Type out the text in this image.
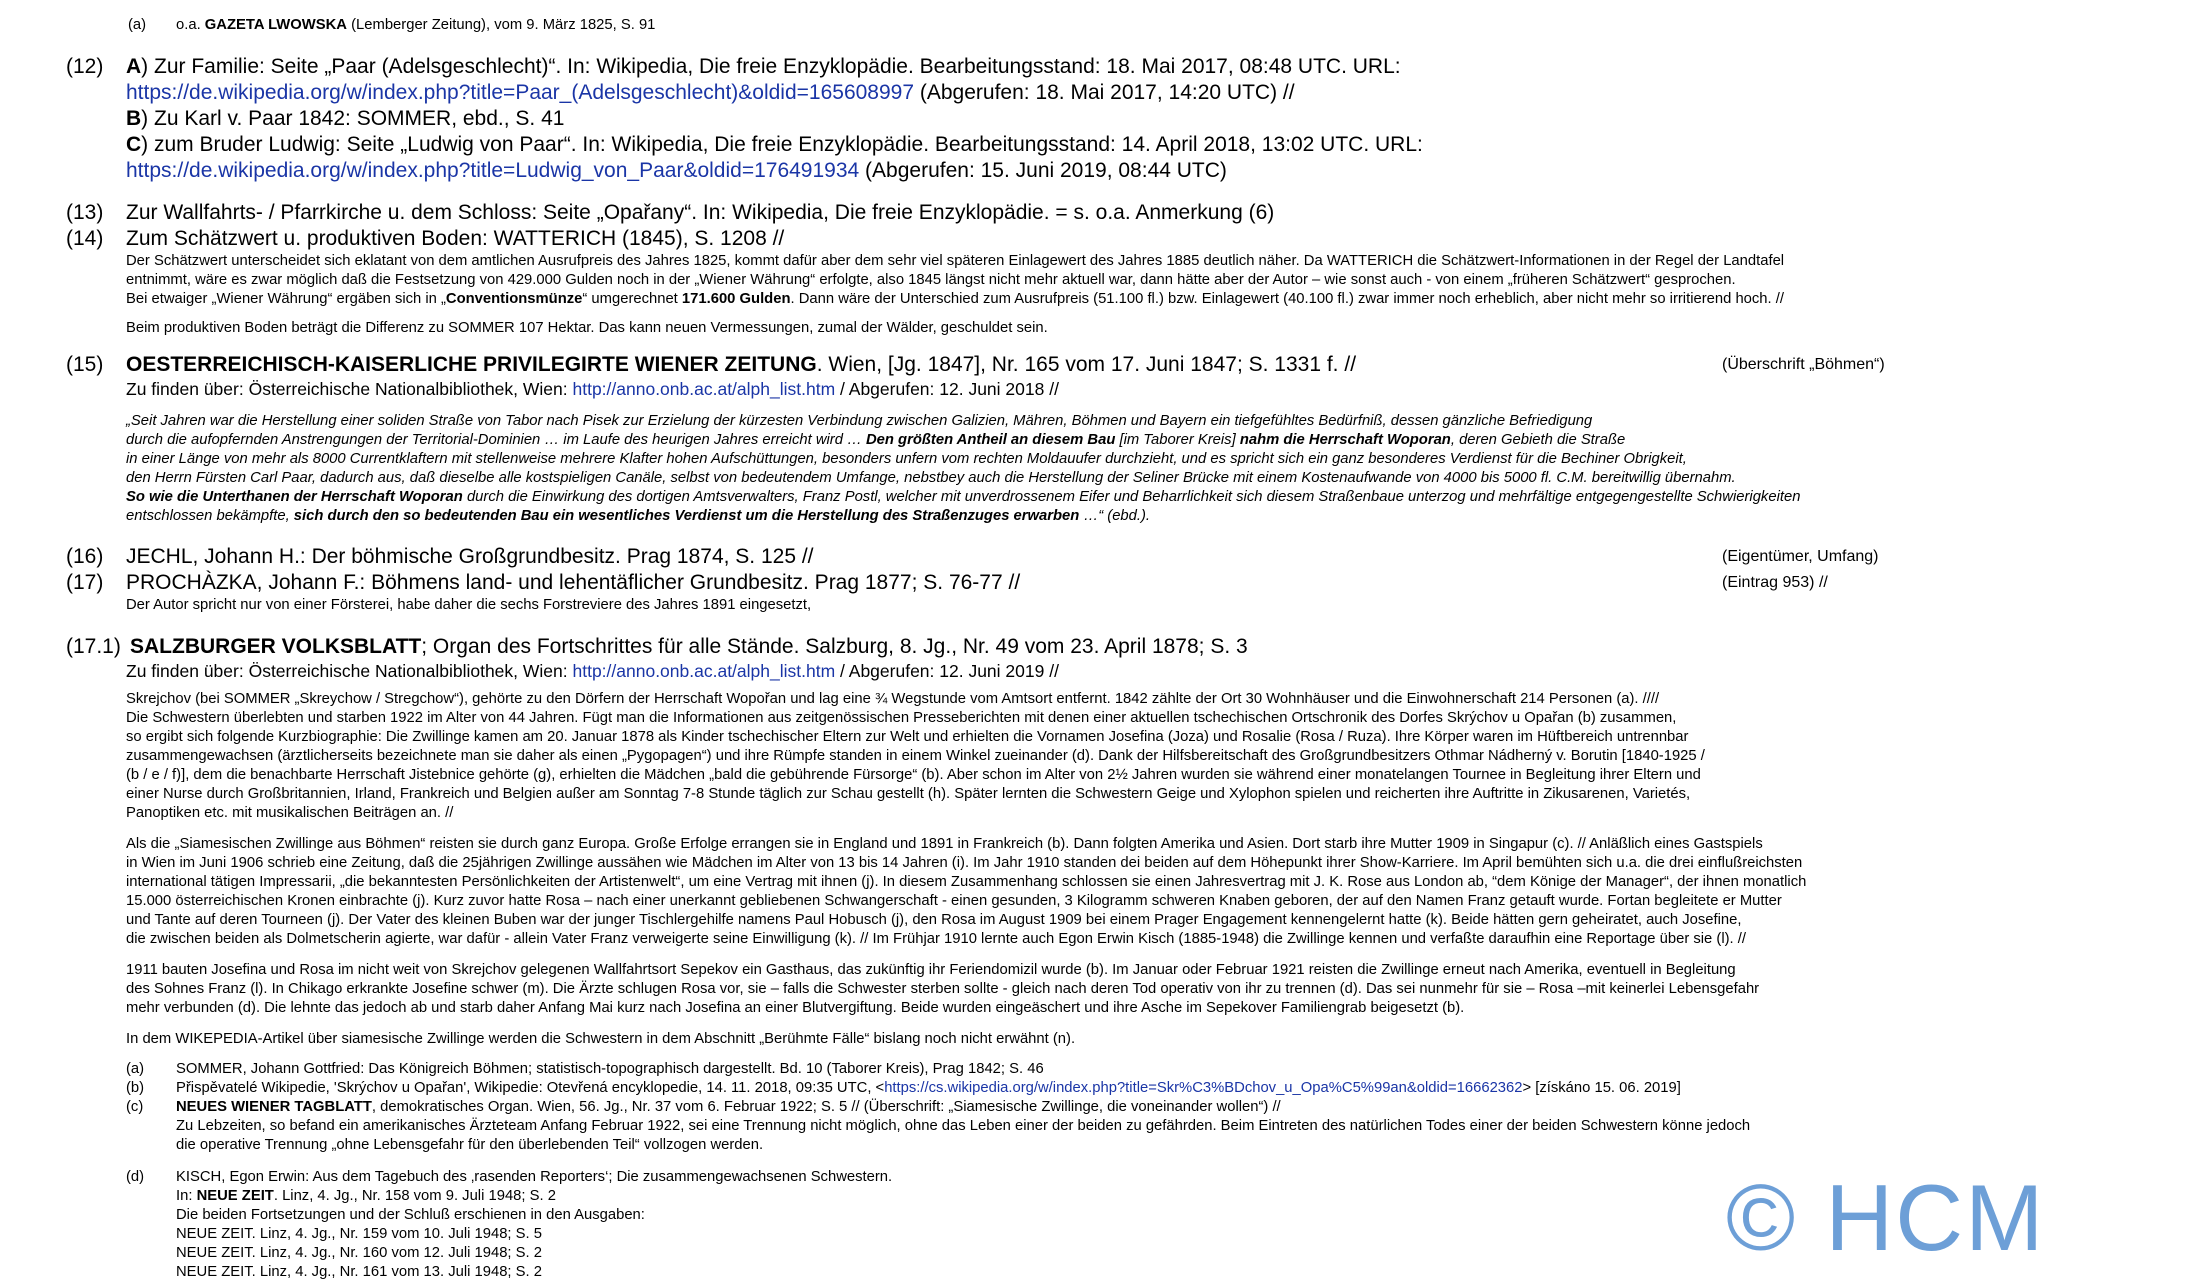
(a) o.a. GAZETA LWOWSKA (Lemberger Zeitung), vom 9. März 1825, S. 91
(12) A) Zur Familie: Seite „Paar (Adelsgeschlecht)“. In: Wikipedia, Die freie Enzyklopädie. Bearbeitungsstand: 18. Mai 2017, 08:48 UTC. URL:
https://de.wikipedia.org/w/index.php?title=Paar_(Adelsgeschlecht)&oldid=165608997 (Abgerufen: 18. Mai 2017, 14:20 UTC) //
B) Zu Karl v. Paar 1842: SOMMER, ebd., S. 41
C) zum Bruder Ludwig: Seite „Ludwig von Paar“. In: Wikipedia, Die freie Enzyklopädie. Bearbeitungsstand: 14. April 2018, 13:02 UTC. URL:
https://de.wikipedia.org/w/index.php?title=Ludwig_von_Paar&oldid=176491934 (Abgerufen: 15. Juni 2019, 08:44 UTC)
(13) Zur Wallfahrts- / Pfarrkirche u. dem Schloss: Seite „Opařany“. In: Wikipedia, Die freie Enzyklopädie. = s. o.a. Anmerkung (6)
(14) Zum Schätzwert u. produktiven Boden: WATTERICH (1845), S. 1208 //
Der Schätzwert unterscheidet sich eklatant von dem amtlichen Ausrufpreis des Jahres 1825, kommt dafür aber dem sehr viel späteren Einlagewert des Jahres 1885 deutlich näher. Da WATTERICH die Schätzwert-Informationen in der Regel der Landtafel
entnimmt, wäre es zwar möglich daß die Festsetzung von 429.000 Gulden noch in der „Wiener Währung“ erfolgte, also 1845 längst nicht mehr aktuell war, dann hätte aber der Autor – wie sonst auch - von einem „früheren Schätzwert“ gesprochen.
Bei etwaiger „Wiener Währung“ ergäben sich in „Conventionsmünze“ umgerechnet 171.600 Gulden. Dann wäre der Unterschied zum Ausrufpreis (51.100 fl.) bzw. Einlagewert (40.100 fl.) zwar immer noch erheblich, aber nicht mehr so irritierend hoch. //
Beim produktiven Boden beträgt die Differenz zu SOMMER 107 Hektar. Das kann neuen Vermessungen, zumal der Wälder, geschuldet sein.
(15) OESTERREICHISCH-KAISERLICHE PRIVILEGIRTE WIENER ZEITUNG. Wien, [Jg. 1847], Nr. 165 vom 17. Juni 1847; S. 1331 f. //	(Überschrift „Böhmen“)
Zu finden über: Österreichische Nationalbibliothek, Wien: http://anno.onb.ac.at/alph_list.htm / Abgerufen: 12. Juni 2018 //
„Seit Jahren war die Herstellung einer soliden Straße von Tabor nach Pisek zur Erzielung der kürzesten Verbindung zwischen Galizien, Mähren, Böhmen und Bayern ein tiefgefühltes Bedürfniß, dessen gänzliche Befriedigung
durch die aufopfernden Anstrengungen der Territorial-Dominien … im Laufe des heurigen Jahres erreicht wird … Den größten Antheil an diesem Bau [im Taborer Kreis] nahm die Herrschaft Woporan, deren Gebieth die Straße
in einer Länge von mehr als 8000 Currentklaftern mit stellenweise mehrere Klafter hohen Aufschüttungen, besonders unfern vom rechten Moldauufer durchzieht, und es spricht sich ein ganz besonderes Verdienst für die Bechiner Obrigkeit,
den Herrn Fürsten Carl Paar, dadurch aus, daß dieselbe alle kostspieligen Canäle, selbst von bedeutendem Umfange, nebstbey auch die Herstellung der Seliner Brücke mit einem Kostenaufwande von 4000 bis 5000 fl. C.M. bereitwillig übernahm.
So wie die Unterthanen der Herrschaft Woporan durch die Einwirkung des dortigen Amtsverwalters, Franz Postl, welcher mit unverdrossenem Eifer und Beharrlichkeit sich diesem Straßenbaue unterzog und mehrfältige entgegengestellte Schwierigkeiten
entschlossen bekämpfte, sich durch den so bedeutenden Bau ein wesentliches Verdienst um die Herstellung des Straßenzuges erwarben …“ (ebd.).
(16) JECHL, Johann H.: Der böhmische Großgrundbesitz. Prag 1874, S. 125 //	(Eigentümer, Umfang)
(17) PROCHÀZKA, Johann F.: Böhmens land- und lehentäflicher Grundbesitz. Prag 1877; S. 76-77 //	(Eintrag 953) //
Der Autor spricht nur von einer Försterei, habe daher die sechs Forstreviere des Jahres 1891 eingesetzt,
(17.1) SALZBURGER VOLKSBLATT; Organ des Fortschrittes für alle Stände. Salzburg, 8. Jg., Nr. 49 vom 23. April 1878; S. 3
Zu finden über: Österreichische Nationalbibliothek, Wien: http://anno.onb.ac.at/alph_list.htm / Abgerufen: 12. Juni 2019 //
Skrejchov (bei SOMMER „Skreychow / Stregchow“), gehörte zu den Dörfern der Herrschaft Wopořan und lag eine ¾ Wegstunde vom Amtsort entfernt. 1842 zählte der Ort 30 Wohnhäuser und die Einwohnerschaft 214 Personen (a). ////
Die Schwestern überlebten und starben 1922 im Alter von 44 Jahren. Fügt man die Informationen aus zeitgenössischen Presseberichten mit denen einer aktuellen tschechischen Ortschronik des Dorfes Skrýchov u Opařan (b) zusammen,
so ergibt sich folgende Kurzbiographie: Die Zwillinge kamen am 20. Januar 1878 als Kinder tschechischer Eltern zur Welt und erhielten die Vornamen Josefina (Joza) und Rosalie (Rosa / Ruza). Ihre Körper waren im Hüftbereich untrennbar
zusammengewachsen (ärztlicherseits bezeichnete man sie daher als einen „Pygopagen“) und ihre Rümpfe standen in einem Winkel zueinander (d). Dank der Hilfsbereitschaft des Großgrundbesitzers Othmar Nádherný v. Borutin [1840-1925 /
(b / e / f)], dem die benachbarte Herrschaft Jistebnice gehörte (g), erhielten die Mädchen „bald die gebührende Fürsorge“ (b). Aber schon im Alter von 2½ Jahren wurden sie während einer monatelangen Tournee in Begleitung ihrer Eltern und
einer Nurse durch Großbritannien, Irland, Frankreich und Belgien außer am Sonntag 7-8 Stunde täglich zur Schau gestellt (h). Später lernten die Schwestern Geige und Xylophon spielen und reicherten ihre Auftritte in Zikusarenen, Varietés,
Panoptiken etc. mit musikalischen Beiträgen an. //
Als die „Siamesischen Zwillinge aus Böhmen“ reisten sie durch ganz Europa. Große Erfolge errangen sie in England und 1891 in Frankreich (b). Dann folgten Amerika und Asien. Dort starb ihre Mutter 1909 in Singapur (c). // Anläßlich eines Gastspiels
in Wien im Juni 1906 schrieb eine Zeitung, daß die 25jährigen Zwillinge aussähen wie Mädchen im Alter von 13 bis 14 Jahren (i). Im Jahr 1910 standen dei beiden auf dem Höhepunkt ihrer Show-Karriere. Im April bemühten sich u.a. die drei einflußreichsten
international tätigen Impressarii, „die bekanntesten Persönlichkeiten der Artistenwelt“, um eine Vertrag mit ihnen (j). In diesem Zusammenhang schlossen sie einen Jahresvertrag mit J. K. Rose aus London ab, “dem Könige der Manager“, der ihnen monatlich
15.000 österreichischen Kronen einbrachte (j). Kurz zuvor hatte Rosa – nach einer unerkannt gebliebenen Schwangerschaft - einen gesunden, 3 Kilogramm schweren Knaben geboren, der auf den Namen Franz getauft wurde. Fortan begleitete er Mutter
und Tante auf deren Tourneen (j). Der Vater des kleinen Buben war der junger Tischlergehilfe namens Paul Hobusch (j), den Rosa im August 1909 bei einem Prager Engagement kennengelernt hatte (k). Beide hätten gern geheiratet, auch Josefine,
die zwischen beiden als Dolmetscherin agierte, war dafür - allein Vater Franz verweigerte seine Einwilligung (k). // Im Frühjar 1910 lernte auch Egon Erwin Kisch (1885-1948) die Zwillinge kennen und verfaßte daraufhin eine Reportage über sie (l). //
1911 bauten Josefina und Rosa im nicht weit von Skrejchov gelegenen Wallfahrtsort Sepekov ein Gasthaus, das zukünftig ihr Feriendomizil wurde (b). Im Januar oder Februar 1921 reisten die Zwillinge erneut nach Amerika, eventuell in Begleitung
des Sohnes Franz (l). In Chikago erkrankte Josefine schwer (m). Die Ärzte schlugen Rosa vor, sie – falls die Schwester sterben sollte - gleich nach deren Tod operativ von ihr zu trennen (d). Das sei nunmehr für sie – Rosa –mit keinerlei Lebensgefahr
mehr verbunden (d). Die lehnte das jedoch ab und starb daher Anfang Mai kurz nach Josefina an einer Blutvergiftung. Beide wurden eingeäschert und ihre Asche im Sepekover Familiengrab beigesetzt (b).
In dem WIKEPEDIA-Artikel über siamesische Zwillinge werden die Schwestern in dem Abschnitt „Berühmte Fälle“ bislang noch nicht erwähnt (n).
(a) SOMMER, Johann Gottfried: Das Königreich Böhmen; statistisch-topographisch dargestellt. Bd. 10 (Taborer Kreis), Prag 1842; S. 46
(b) Přispěvatelé Wikipedie, 'Skrýchov u Opařan', Wikipedie: Otevřená encyklopedie, 14. 11. 2018, 09:35 UTC, <https://cs.wikipedia.org/w/index.php?title=Skr%C3%BDchov_u_Opa%C5%99an&oldid=16662362> [získáno 15. 06. 2019]
(c) NEUES WIENER TAGBLATT, demokratisches Organ. Wien, 56. Jg., Nr. 37 vom 6. Februar 1922; S. 5 // (Überschrift: „Siamesische Zwillinge, die voneinander wollen“) //
Zu Lebzeiten, so befand ein amerikanisches Ärzteteam Anfang Februar 1922, sei eine Trennung nicht möglich, ohne das Leben einer der beiden zu gefährden. Beim Eintreten des natürlichen Todes einer der beiden Schwestern könne jedoch
die operative Trennung „ohne Lebensgefahr für den überlebenden Teil“ vollzogen werden.
(d) KISCH, Egon Erwin: Aus dem Tagebuch des ‚rasenden Reporters‘; Die zusammengewachsenen Schwestern.
In: NEUE ZEIT. Linz, 4. Jg., Nr. 158 vom 9. Juli 1948; S. 2
Die beiden Fortsetzungen und der Schluß erschienen in den Ausgaben:
NEUE ZEIT. Linz, 4. Jg., Nr. 159 vom 10. Juli 1948; S. 5
NEUE ZEIT. Linz, 4. Jg., Nr. 160 vom 12. Juli 1948; S. 2
NEUE ZEIT. Linz, 4. Jg., Nr. 161 vom 13. Juli 1948; S. 2
© HCM
